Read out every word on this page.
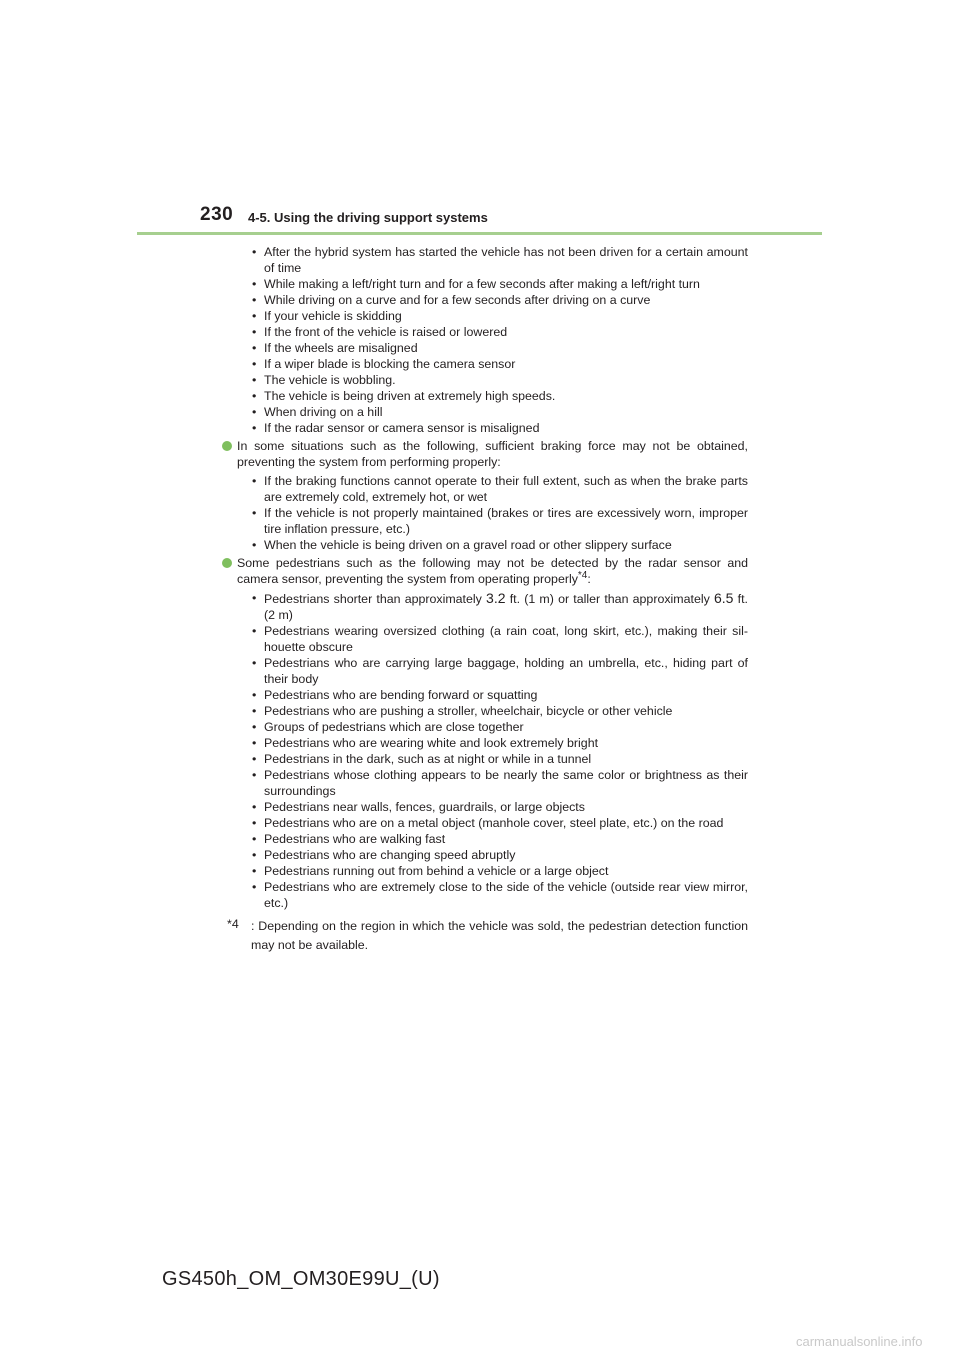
230 4-5. Using the driving support systems
• After the hybrid system has started the vehicle has not been driven for a certain amount of time
• While making a left/right turn and for a few seconds after making a left/right turn
• While driving on a curve and for a few seconds after driving on a curve
• If your vehicle is skidding
• If the front of the vehicle is raised or lowered
• If the wheels are misaligned
• If a wiper blade is blocking the camera sensor
• The vehicle is wobbling.
• The vehicle is being driven at extremely high speeds.
• When driving on a hill
• If the radar sensor or camera sensor is misaligned
In some situations such as the following, sufficient braking force may not be obtained, preventing the system from performing properly:
• If the braking functions cannot operate to their full extent, such as when the brake parts are extremely cold, extremely hot, or wet
• If the vehicle is not properly maintained (brakes or tires are excessively worn, improper tire inflation pressure, etc.)
• When the vehicle is being driven on a gravel road or other slippery surface
Some pedestrians such as the following may not be detected by the radar sensor and camera sensor, preventing the system from operating properly$^{*4}$:
• Pedestrians shorter than approximately 3.2 ft. (1 m) or taller than approximately 6.5 ft. (2 m)
• Pedestrians wearing oversized clothing (a rain coat, long skirt, etc.), making their sil-houette obscure
• Pedestrians who are carrying large baggage, holding an umbrella, etc., hiding part of their body
• Pedestrians who are bending forward or squatting
• Pedestrians who are pushing a stroller, wheelchair, bicycle or other vehicle
• Groups of pedestrians which are close together
• Pedestrians who are wearing white and look extremely bright
• Pedestrians in the dark, such as at night or while in a tunnel
• Pedestrians whose clothing appears to be nearly the same color or brightness as their surroundings
• Pedestrians near walls, fences, guardrails, or large objects
• Pedestrians who are on a metal object (manhole cover, steel plate, etc.) on the road
• Pedestrians who are walking fast
• Pedestrians who are changing speed abruptly
• Pedestrians running out from behind a vehicle or a large object
• Pedestrians who are extremely close to the side of the vehicle (outside rear view mirror, etc.)
*4 : Depending on the region in which the vehicle was sold, the pedestrian detection function may not be available.
GS450h_OM_OM30E99U_(U)
carmanualsonline.info
